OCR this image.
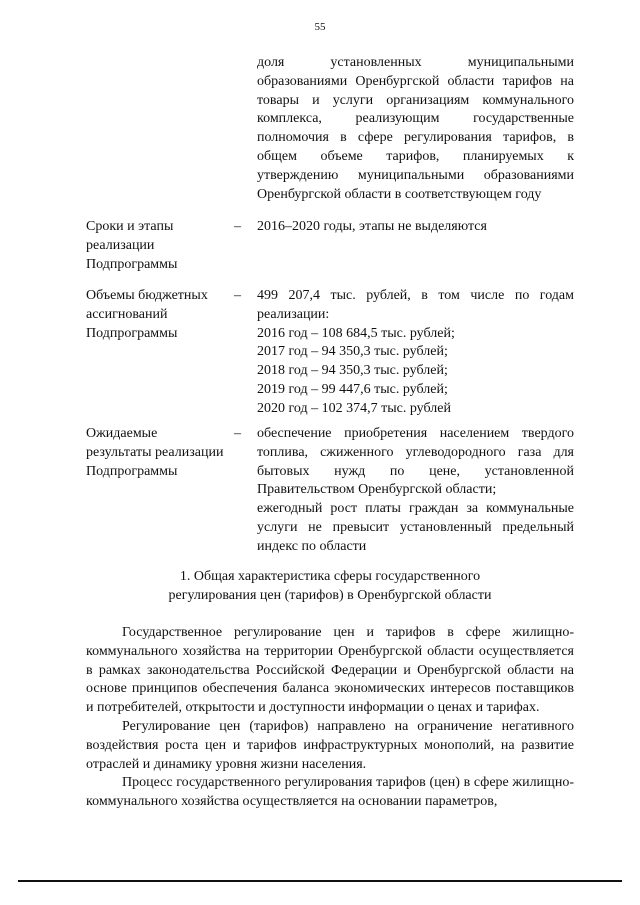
55
доля установленных муниципальными образованиями Оренбургской области тарифов на товары и услуги организациям коммунального комплекса, реализующим государственные полномочия в сфере регулирования тарифов, в общем объеме тарифов, планируемых к утверждению муниципальными образованиями Оренбургской области в соответствующем году
Сроки и этапы реализации Подпрограммы
– 2016–2020 годы, этапы не выделяются
Объемы бюджетных ассигнований Подпрограммы
– 499 207,4 тыс. рублей, в том числе по годам реализации:
2016 год – 108 684,5 тыс. рублей;
2017 год – 94 350,3 тыс. рублей;
2018 год – 94 350,3 тыс. рублей;
2019 год – 99 447,6 тыс. рублей;
2020 год – 102 374,7 тыс. рублей
Ожидаемые результаты реализации Подпрограммы
– обеспечение приобретения населением твердого топлива, сжиженного углеводородного газа для бытовых нужд по цене, установленной Правительством Оренбургской области;
ежегодный рост платы граждан за коммунальные услуги не превысит установленный предельный индекс по области
1. Общая характеристика сферы государственного
регулирования цен (тарифов) в Оренбургской области

Государственное регулирование цен и тарифов в сфере жилищно-коммунального хозяйства на территории Оренбургской области осуществляется в рамках законодательства Российской Федерации и Оренбургской области на основе принципов обеспечения баланса экономических интересов поставщиков и потребителей, открытости и доступности информации о ценах и тарифах.

Регулирование цен (тарифов) направлено на ограничение негативного воздействия роста цен и тарифов инфраструктурных монополий, на развитие отраслей и динамику уровня жизни населения.

Процесс государственного регулирования тарифов (цен) в сфере жилищно-коммунального хозяйства осуществляется на основании параметров,
